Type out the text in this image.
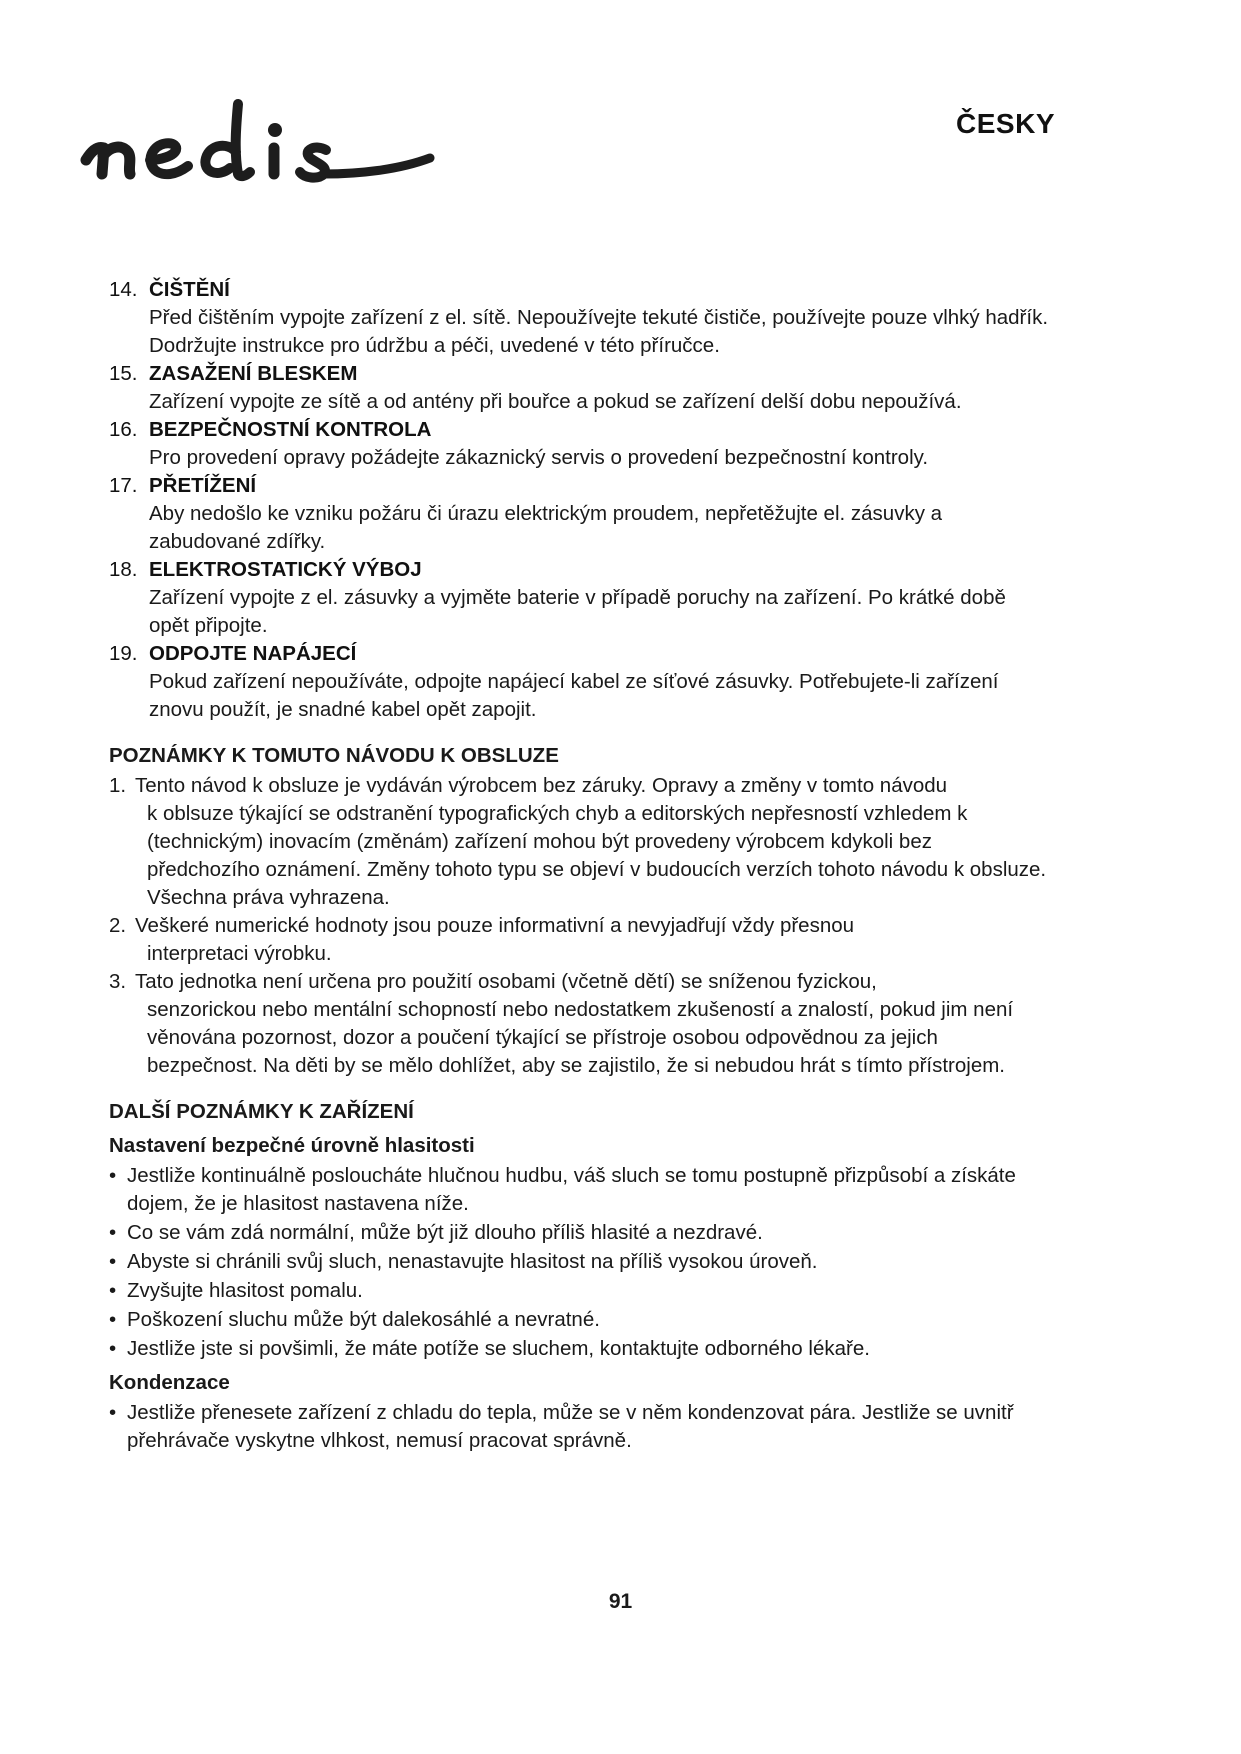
nedis
ČESKY
14. ČIŠTĚNÍ
Před čištěním vypojte zařízení z el. sítě. Nepoužívejte tekuté čističe, používejte pouze vlhký hadřík. Dodržujte instrukce pro údržbu a péči, uvedené v této příručce.
15. ZASAŽENÍ BLESKEM
Zařízení vypojte ze sítě a od antény při bouřce a pokud se zařízení delší dobu nepoužívá.
16. BEZPEČNOSTNÍ KONTROLA
Pro provedení opravy požádejte zákaznický servis o provedení bezpečnostní kontroly.
17. PŘETÍŽENÍ
Aby nedošlo ke vzniku požáru či úrazu elektrickým proudem, nepřetěžujte el. zásuvky a zabudované zdířky.
18. ELEKTROSTATICKÝ VÝBOJ
Zařízení vypojte z el. zásuvky a vyjměte baterie v případě poruchy na zařízení. Po krátké době opět připojte.
19. ODPOJTE NAPÁJECÍ
Pokud zařízení nepoužíváte, odpojte napájecí kabel ze síťové zásuvky. Potřebujete-li zařízení znovu použít, je snadné kabel opět zapojit.
POZNÁMKY K TOMUTO NÁVODU K OBSLUZE
1. Tento návod k obsluze je vydáván výrobcem bez záruky. Opravy a změny v tomto návodu
k oblsuze týkající se odstranění typografických chyb a editorských nepřesností vzhledem k (technickým) inovacím (změnám) zařízení mohou být provedeny výrobcem kdykoli bez předchozího oznámení. Změny tohoto typu se objeví v budoucích verzích tohoto návodu k obsluze. Všechna práva vyhrazena.
2. Veškeré numerické hodnoty jsou pouze informativní a nevyjadřují vždy přesnou
interpretaci výrobku.
3. Tato jednotka není určena pro použití osobami (včetně dětí) se sníženou fyzickou,
senzorickou nebo mentální schopností nebo nedostatkem zkušeností a znalostí, pokud jim není věnována pozornost, dozor a poučení týkající se přístroje osobou odpovědnou za jejich bezpečnost. Na děti by se mělo dohlížet, aby se zajistilo, že si nebudou hrát s tímto přístrojem.
DALŠÍ POZNÁMKY K ZAŘÍZENÍ
Nastavení bezpečné úrovně hlasitosti
• Jestliže kontinuálně posloucháte hlučnou hudbu, váš sluch se tomu postupně přizpůsobí a získáte dojem, že je hlasitost nastavena níže.
• Co se vám zdá normální, může být již dlouho příliš hlasité a nezdravé.
• Abyste si chránili svůj sluch, nenastavujte hlasitost na příliš vysokou úroveň.
• Zvyšujte hlasitost pomalu.
• Poškození sluchu může být dalekosáhlé a nevratné.
• Jestliže jste si povšimli, že máte potíže se sluchem, kontaktujte odborného lékaře.
Kondenzace
• Jestliže přenesete zařízení z chladu do tepla, může se v něm kondenzovat pára. Jestliže se uvnitř přehrávače vyskytne vlhkost, nemusí pracovat správně.
91
